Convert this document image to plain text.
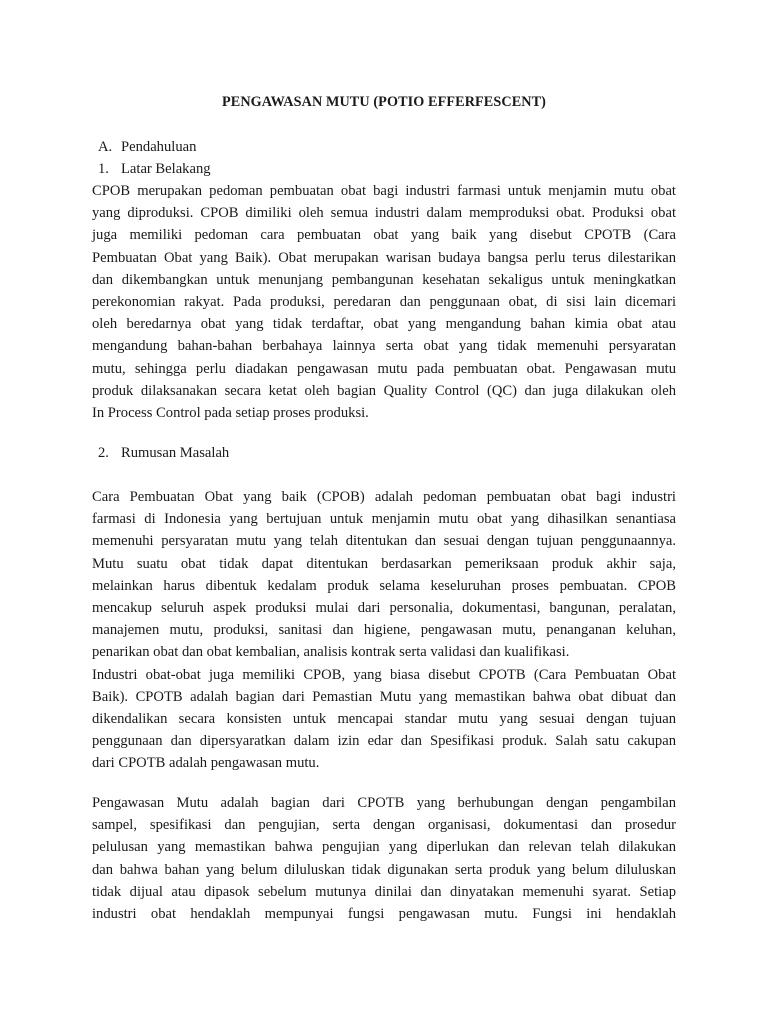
PENGAWASAN MUTU (POTIO EFFERFESCENT)
A. Pendahuluan
1. Latar Belakang
CPOB merupakan pedoman pembuatan obat bagi industri farmasi untuk menjamin mutu obat
yang diproduksi. CPOB dimiliki oleh semua industri dalam memproduksi obat. Produksi obat
juga memiliki pedoman cara pembuatan obat yang baik yang disebut CPOTB (Cara
Pembuatan Obat yang Baik). Obat merupakan warisan budaya bangsa perlu terus dilestarikan
dan dikembangkan untuk menunjang pembangunan kesehatan sekaligus untuk meningkatkan
perekonomian rakyat. Pada produksi, peredaran dan penggunaan obat, di sisi lain dicemari
oleh beredarnya obat yang tidak terdaftar, obat yang mengandung bahan kimia obat atau
mengandung bahan-bahan berbahaya lainnya serta obat yang tidak memenuhi persyaratan
mutu, sehingga perlu diadakan pengawasan mutu pada pembuatan obat. Pengawasan mutu
produk dilaksanakan secara ketat oleh bagian Quality Control (QC) dan juga dilakukan oleh
In Process Control pada setiap proses produksi.
2. Rumusan Masalah
Cara Pembuatan Obat yang baik (CPOB) adalah pedoman pembuatan obat bagi industri
farmasi di Indonesia yang bertujuan untuk menjamin mutu obat yang dihasilkan senantiasa
memenuhi persyaratan mutu yang telah ditentukan dan sesuai dengan tujuan penggunaannya.
Mutu suatu obat tidak dapat ditentukan berdasarkan pemeriksaan produk akhir saja,
melainkan harus dibentuk kedalam produk selama keseluruhan proses pembuatan. CPOB
mencakup seluruh aspek produksi mulai dari personalia, dokumentasi, bangunan, peralatan,
manajemen mutu, produksi, sanitasi dan higiene, pengawasan mutu, penanganan keluhan,
penarikan obat dan obat kembalian, analisis kontrak serta validasi dan kualifikasi.
Industri obat-obat juga memiliki CPOB, yang biasa disebut CPOTB (Cara Pembuatan Obat
Baik). CPOTB adalah bagian dari Pemastian Mutu yang memastikan bahwa obat dibuat dan
dikendalikan secara konsisten untuk mencapai standar mutu yang sesuai dengan tujuan
penggunaan dan dipersyaratkan dalam izin edar dan Spesifikasi produk. Salah satu cakupan
dari CPOTB adalah pengawasan mutu.
Pengawasan Mutu adalah bagian dari CPOTB yang berhubungan dengan pengambilan
sampel, spesifikasi dan pengujian, serta dengan organisasi, dokumentasi dan prosedur
pelulusan yang memastikan bahwa pengujian yang diperlukan dan relevan telah dilakukan
dan bahwa bahan yang belum diluluskan tidak digunakan serta produk yang belum diluluskan
tidak dijual atau dipasok sebelum mutunya dinilai dan dinyatakan memenuhi syarat. Setiap
industri obat hendaklah mempunyai fungsi pengawasan mutu. Fungsi ini hendaklah
